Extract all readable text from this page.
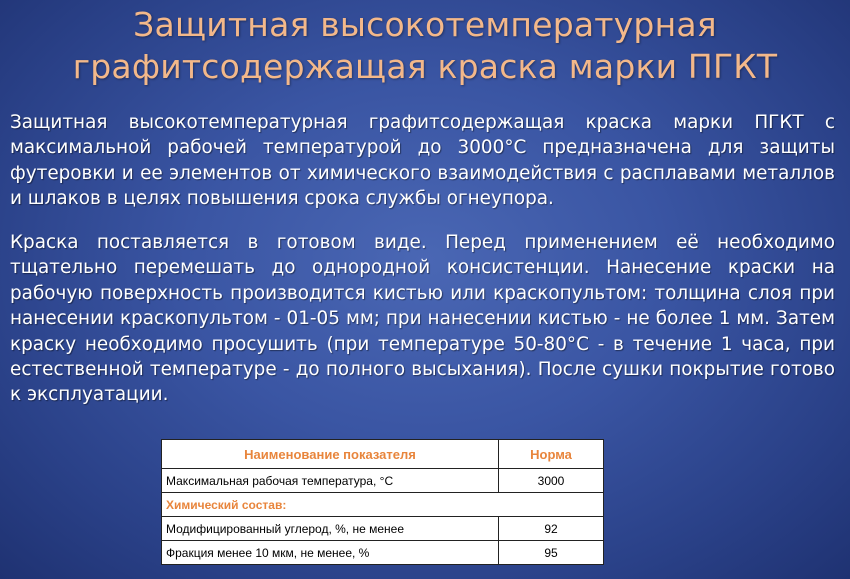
Защитная высокотемпературная
графитсодержащая краска марки ПГКТ
Защитная высокотемпературная графитсодержащая краска марки ПГКТ с максимальной рабочей температурой до 3000°С предназначена для защиты футеровки и ее элементов от химического взаимодействия с расплавами металлов и шлаков в целях повышения срока службы огнеупора.
Краска поставляется в готовом виде. Перед применением её необходимо тщательно перемешать до однородной консистенции. Нанесение краски на рабочую поверхность производится кистью или краскопультом: толщина слоя при нанесении краскопультом - 01-05 мм; при нанесении кистью - не более 1 мм. Затем краску необходимо просушить (при температуре 50-80°С - в течение 1 часа, при естественной температуре - до полного высыхания). После сушки покрытие готово к эксплуатации.
Наименование показателя	Норма
Максимальная рабочая температура, °С	3000
Химический состав:	
Модифицированный углерод, %, не менее	92
Фракция менее 10 мкм, не менее, %	95
